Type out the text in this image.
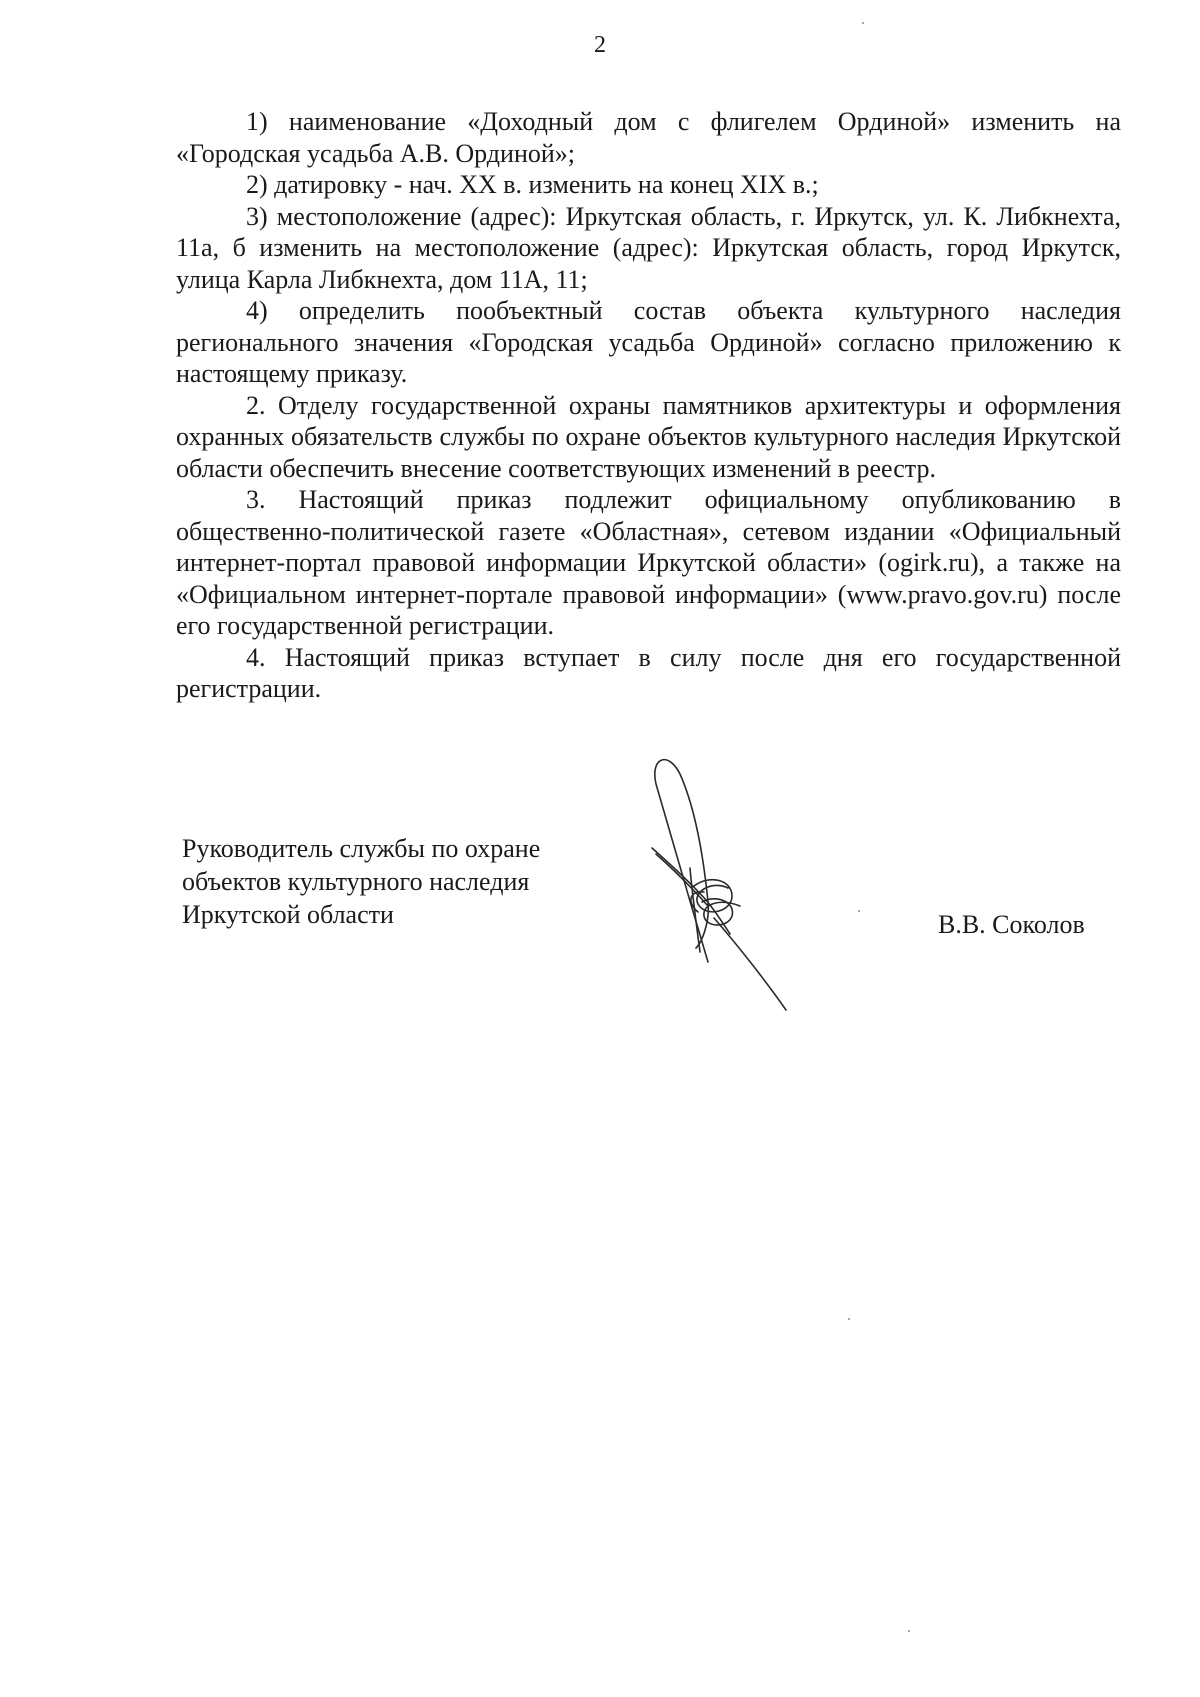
2

1) наименование «Доходный дом с флигелем Ординой» изменить на «Городская усадьба А.В. Ординой»;

2) датировку - нач. XX в. изменить на конец XIX в.;

3) местоположение (адрес): Иркутская область, г. Иркутск, ул. К. Либкнехта, 11а, б изменить на местоположение (адрес): Иркутская область, город Иркутск, улица Карла Либкнехта, дом 11А, 11;

4) определить пообъектный состав объекта культурного наследия регионального значения «Городская усадьба Ординой» согласно приложению к настоящему приказу.

2. Отделу государственной охраны памятников архитектуры и оформления охранных обязательств службы по охране объектов культурного наследия Иркутской области обеспечить внесение соответствующих изменений в реестр.

3. Настоящий приказ подлежит официальному опубликованию в общественно-политической газете «Областная», сетевом издании «Официальный интернет-портал правовой информации Иркутской области» (ogirk.ru), а также на «Официальном интернет-портале правовой информации» (www.pravo.gov.ru) после его государственной регистрации.

4. Настоящий приказ вступает в силу после дня его государственной регистрации.

Руководитель службы по охране
объектов культурного наследия
Иркутской области	В.В. Соколов
